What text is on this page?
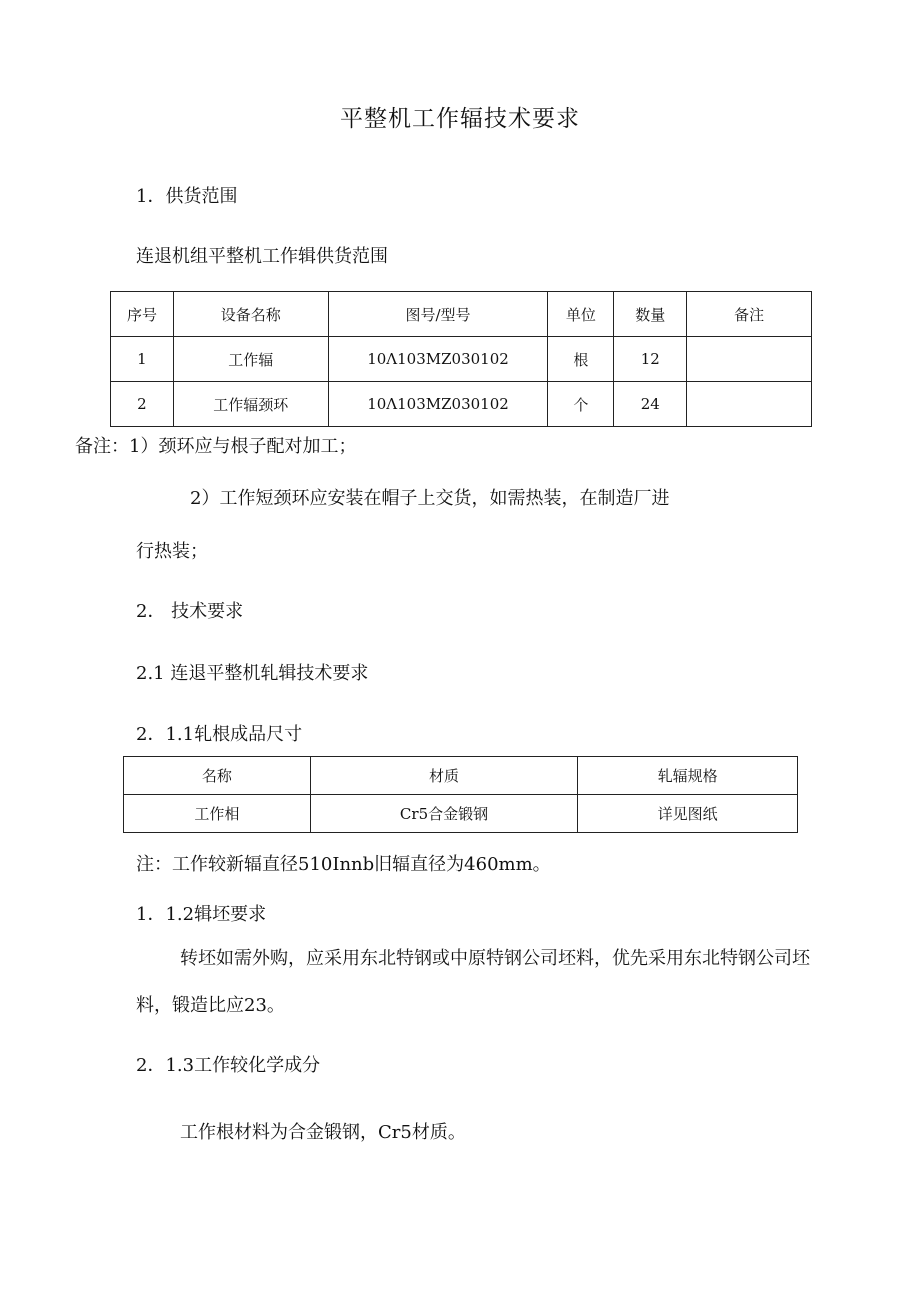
平整机工作辐技术要求
1．供货范围
连退机组平整机工作辑供货范围
序号	设备名称	图号/型号	单位	数量	备注
1	工作辐	10Λ103MZ030102	根	12	
2	工作辐颈环	10Λ103MZ030102	个	24	
备注：1）颈环应与根子配对加工；
2）工作短颈环应安装在帽子上交货，如需热装，在制造厂进
行热装；
2． 技术要求
2.1 连退平整机轧辑技术要求
2．1.1轧根成品尺寸
名称	材质	轧辐规格
工作相	Cr5合金锻钢	详见图纸
注：工作较新辐直径510Innb旧辐直径为460mm。
1．1.2辑坯要求
转坯如需外购，应采用东北特钢或中原特钢公司坯料，优先采用东北特钢公司坯
料，锻造比应23。
2．1.3工作较化学成分
工作根材料为合金锻钢，Cr5材质。
